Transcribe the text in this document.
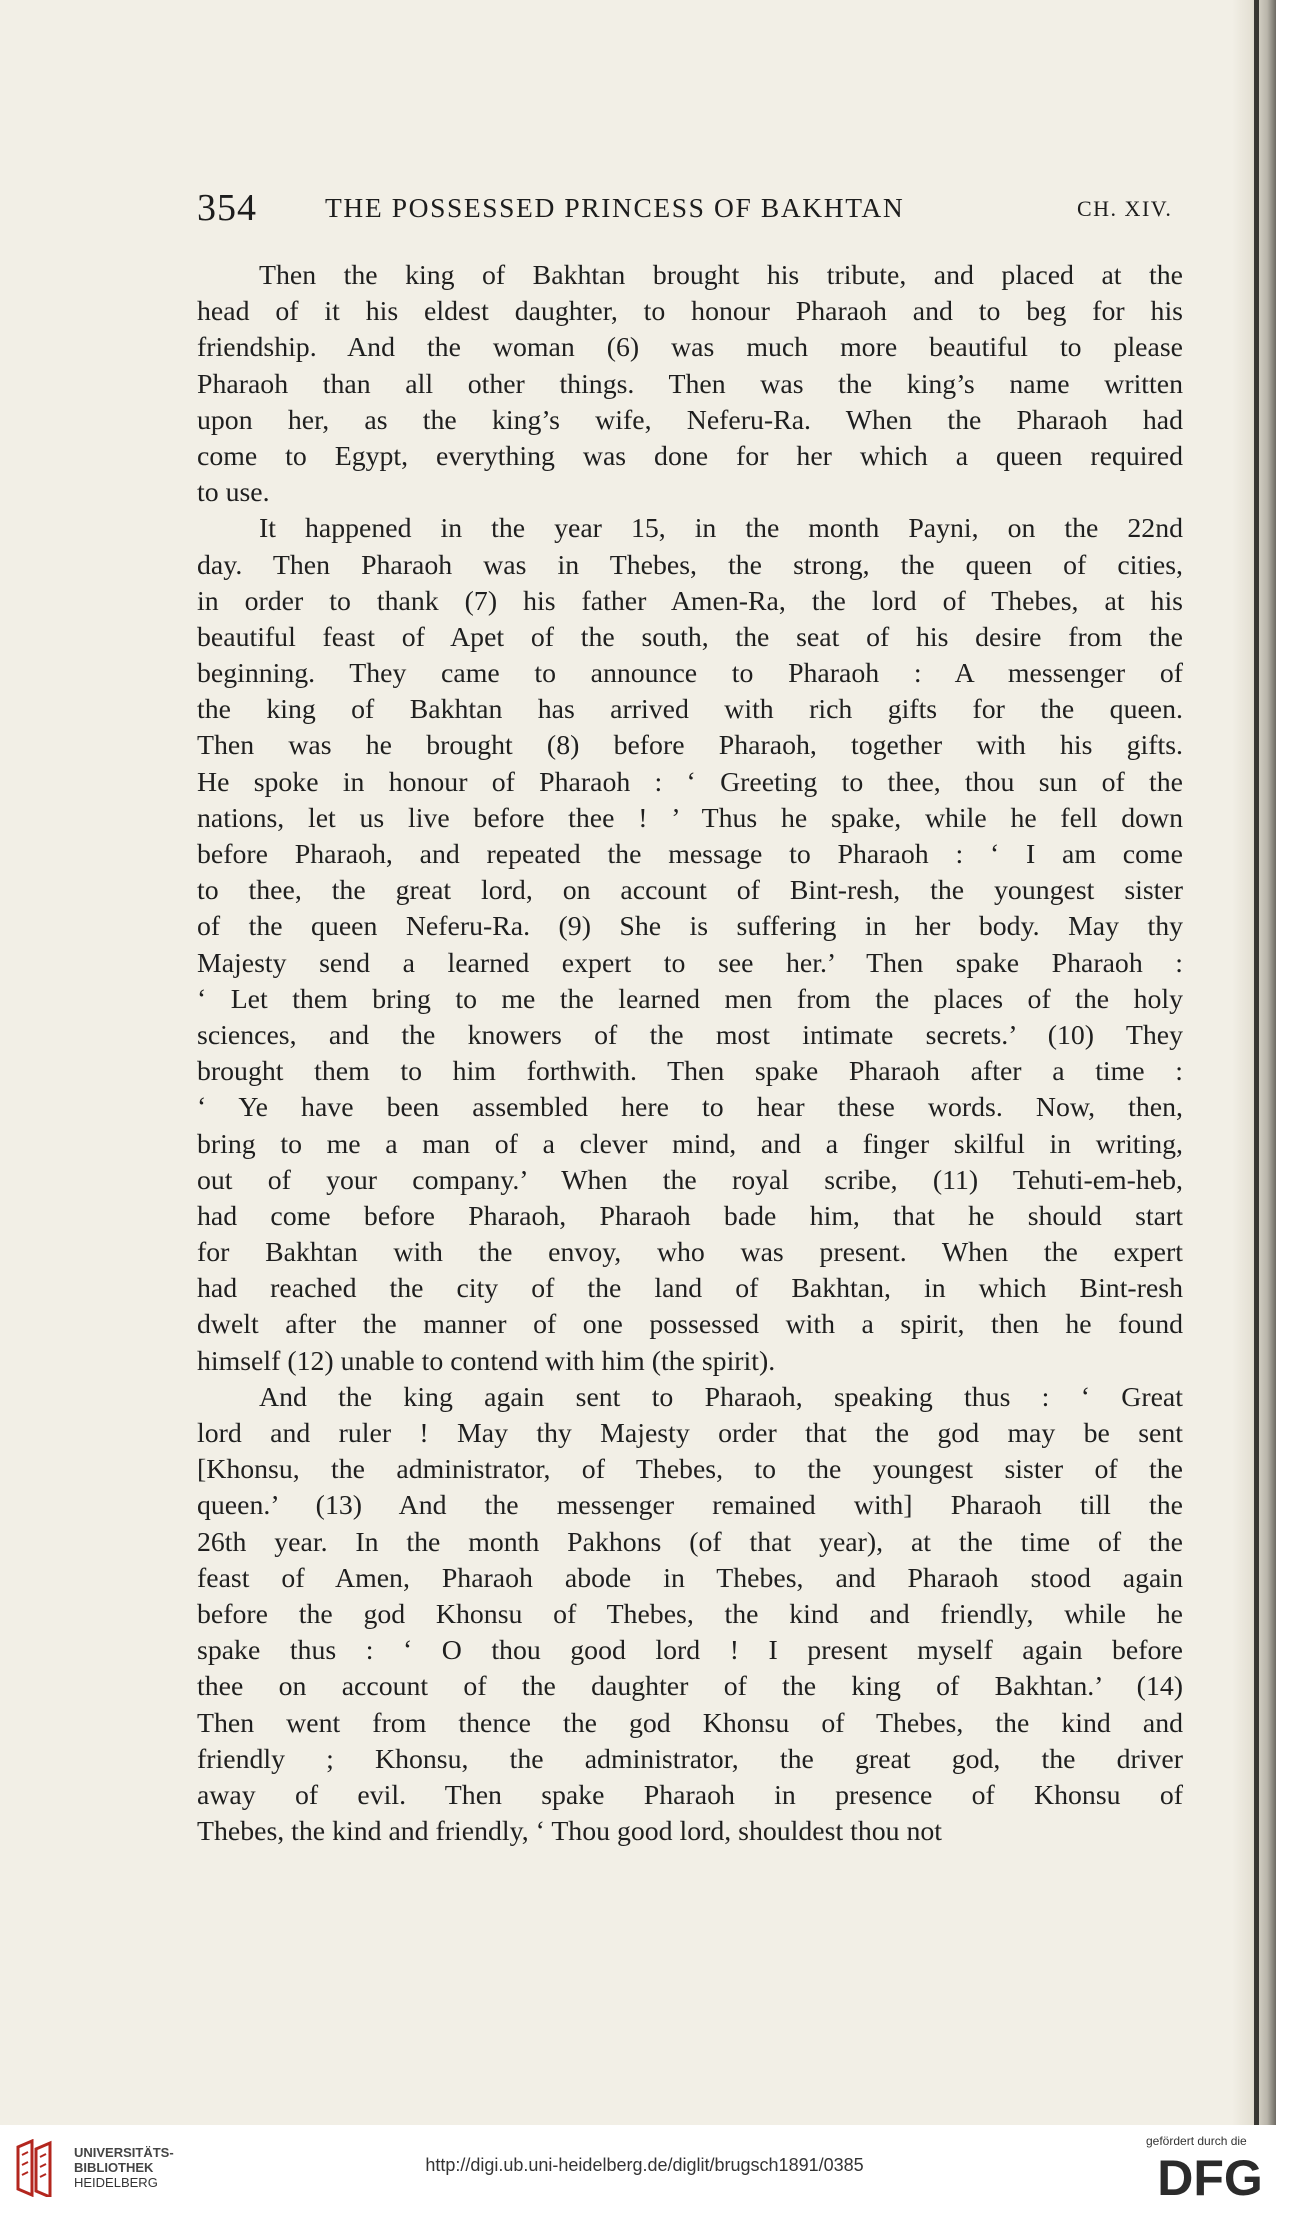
354 THE POSSESSED PRINCESS OF BAKHTAN	CH. XIV.
Then the king of Bakhtan brought his tribute, and placed at the
head of it his eldest daughter, to honour Pharaoh and to beg for his
friendship. And the woman (6) was much more beautiful to please
Pharaoh than all other things. Then was the king’s name written
upon her, as the king’s wife, Neferu-Ra. When the Pharaoh had
come to Egypt, everything was done for her which a queen required
to use.
It happened in the year 15, in the month Payni, on the 22nd
day. Then Pharaoh was in Thebes, the strong, the queen of cities,
in order to thank (7) his father Amen-Ra, the lord of Thebes, at his
beautiful feast of Apet of the south, the seat of his desire from the
beginning. They came to announce to Pharaoh : A messenger of
the king of Bakhtan has arrived with rich gifts for the queen.
Then was he brought (8) before Pharaoh, together with his gifts.
He spoke in honour of Pharaoh : ‘ Greeting to thee, thou sun of the
nations, let us live before thee ! ’ Thus he spake, while he fell down
before Pharaoh, and repeated the message to Pharaoh : ‘ I am come
to thee, the great lord, on account of Bint-resh, the youngest sister
of the queen Neferu-Ra. (9) She is suffering in her body. May thy
Majesty send a learned expert to see her.’ Then spake Pharaoh :
‘ Let them bring to me the learned men from the places of the holy
sciences, and the knowers of the most intimate secrets.’ (10) They
brought them to him forthwith. Then spake Pharaoh after a time :
‘ Ye have been assembled here to hear these words. Now, then,
bring to me a man of a clever mind, and a finger skilful in writing,
out of your company.’ When the royal scribe, (11) Tehuti-em-heb,
had come before Pharaoh, Pharaoh bade him, that he should start
for Bakhtan with the envoy, who was present. When the expert
had reached the city of the land of Bakhtan, in which Bint-resh
dwelt after the manner of one possessed with a spirit, then he found
himself (12) unable to contend with him (the spirit).
And the king again sent to Pharaoh, speaking thus : ‘ Great
lord and ruler ! May thy Majesty order that the god may be sent
[Khonsu, the administrator, of Thebes, to the youngest sister of the
queen.’ (13) And the messenger remained with] Pharaoh till the
26th year. In the month Pakhons (of that year), at the time of the
feast of Amen, Pharaoh abode in Thebes, and Pharaoh stood again
before the god Khonsu of Thebes, the kind and friendly, while he
spake thus : ‘ O thou good lord ! I present myself again before
thee on account of the daughter of the king of Bakhtan.’ (14)
Then went from thence the god Khonsu of Thebes, the kind and
friendly ; Khonsu, the administrator, the great god, the driver
away of evil. Then spake Pharaoh in presence of Khonsu of
Thebes, the kind and friendly, ‘ Thou good lord, shouldest thou not
UNIVERSITÄTS-
BIBLIOTHEK
HEIDELBERG
http://digi.ub.uni-heidelberg.de/diglit/brugsch1891/0385
gefördert durch die
DFG
